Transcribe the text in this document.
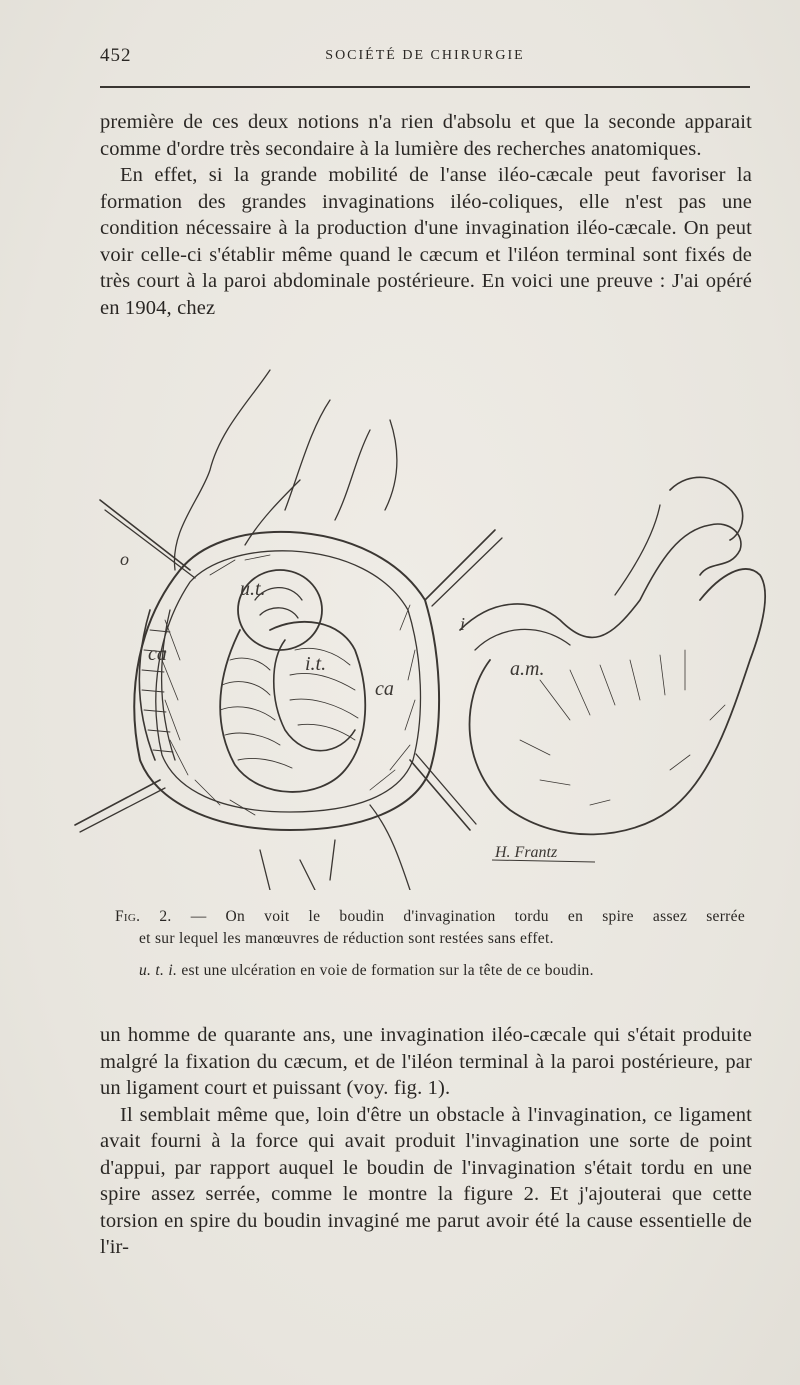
452	SOCIÉTÉ DE CHIRURGIE

première de ces deux notions n'a rien d'absolu et que la seconde apparait comme d'ordre très secondaire à la lumière des recherches anatomiques.

En effet, si la grande mobilité de l'anse iléo-cæcale peut favoriser la formation des grandes invaginations iléo-coliques, elle n'est pas une condition nécessaire à la production d'une invagination iléo-cæcale. On peut voir celle-ci s'établir même quand le cæcum et l'iléon terminal sont fixés de très court à la paroi abdominale postérieure. En voici une preuve : J'ai opéré en 1904, chez

o
u.t.
ca	i.t.
ca
i
a.m.
H. Frantz
Fig. 2. — On voit le boudin d'invagination tordu en spire assez serrée
et sur lequel les manœuvres de réduction sont restées sans effet.
u. t. i. est une ulcération en voie de formation sur la tête de ce boudin.

un homme de quarante ans, une invagination iléo-cæcale qui s'était produite malgré la fixation du cæcum, et de l'iléon terminal à la paroi postérieure, par un ligament court et puissant (voy. fig. 1).

Il semblait même que, loin d'être un obstacle à l'invagination, ce ligament avait fourni à la force qui avait produit l'invagination une sorte de point d'appui, par rapport auquel le boudin de l'invagination s'était tordu en une spire assez serrée, comme le montre la figure 2. Et j'ajouterai que cette torsion en spire du boudin invaginé me parut avoir été la cause essentielle de l'ir-
